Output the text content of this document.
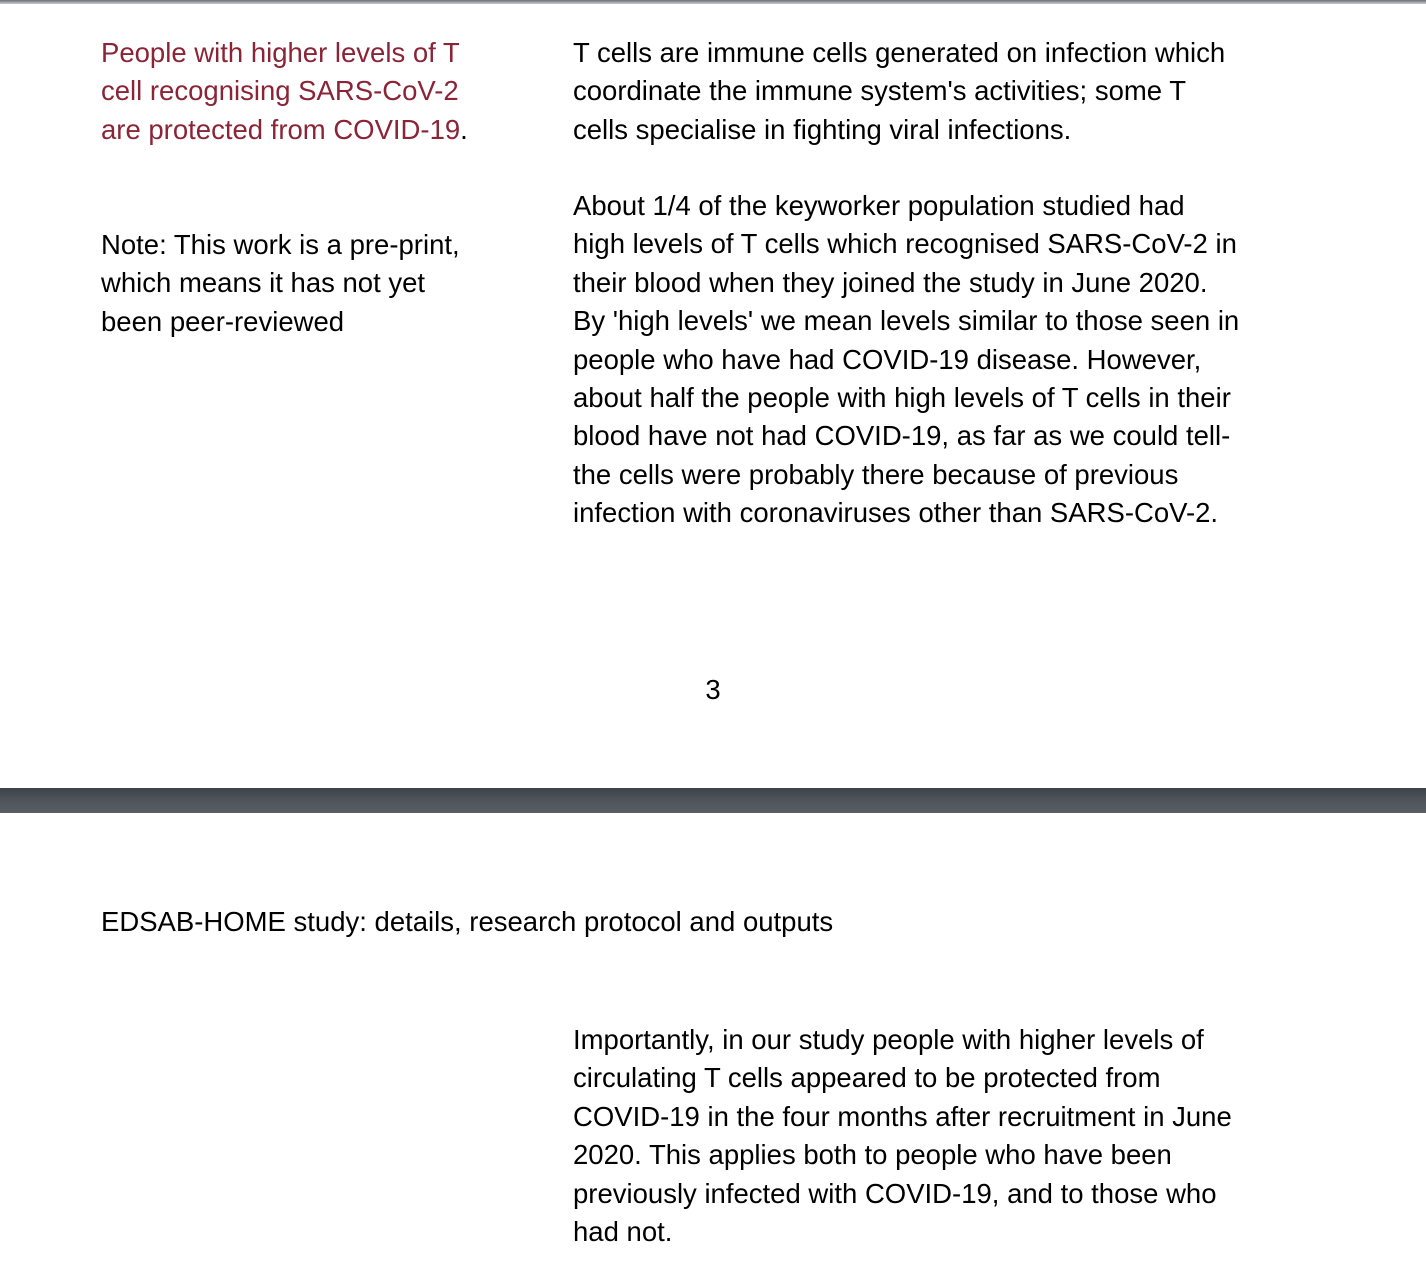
People with higher levels of T cell recognising SARS-CoV-2 are protected from COVID-19.

Note: This work is a pre-print, which means it has not yet been peer-reviewed

T cells are immune cells generated on infection which coordinate the immune system's activities; some T cells specialise in fighting viral infections.

About 1/4 of the keyworker population studied had high levels of T cells which recognised SARS-CoV-2 in their blood when they joined the study in June 2020. By 'high levels' we mean levels similar to those seen in people who have had COVID-19 disease. However, about half the people with high levels of T cells in their blood have not had COVID-19, as far as we could tell- the cells were probably there because of previous infection with coronaviruses other than SARS-CoV-2.

3
EDSAB-HOME study: details, research protocol and outputs

Importantly, in our study people with higher levels of circulating T cells appeared to be protected from COVID-19 in the four months after recruitment in June 2020. This applies both to people who have been previously infected with COVID-19, and to those who had not.
